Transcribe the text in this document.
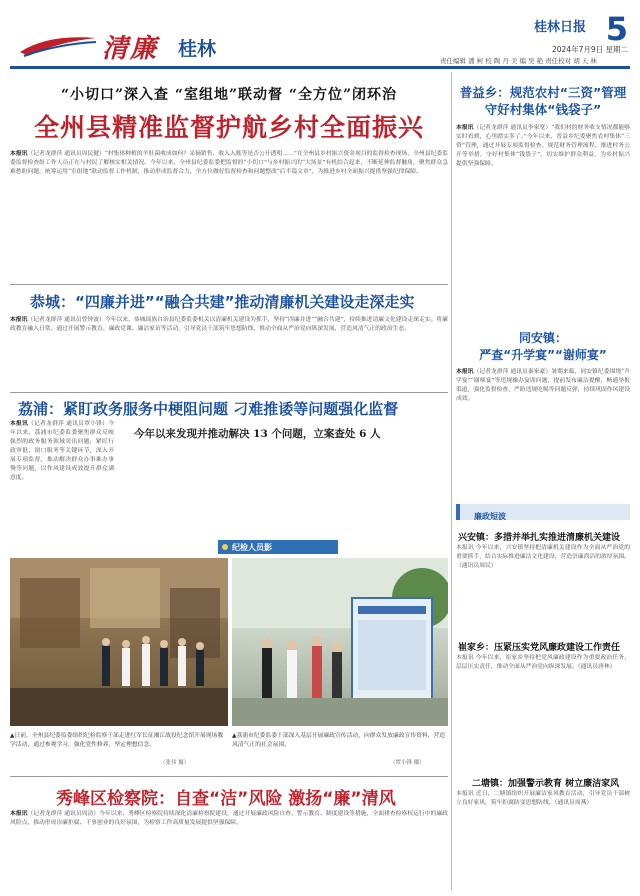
清廉 桂林
桂林日报 5
2024年7月9日 星期二
责任编辑 潘 柯 校 陶 丹 美 编 吴 艳 责任校对 胡 天 林
“小切口”深入查 “室组地”联动督 “全方位”闭环治
全州县精准监督护航乡村全面振兴
本报讯（记者龙群萍 通讯员周民健）“村集体种植的羊肚菌收成如何？采摘销售、收入入账等是否公开透明……”在全州县乡村振兴资金项目的监督检查现场，全州县纪委监委监督检查组工作人员正在与村民了解核实相关情况。今年以来，全州县纪委监委把监督的“小切口”与乡村振兴的“大场景”有机结合起来，不断延伸监督触角，聚焦群众急难愁盼问题，统筹运用“室组地”联动监督工作机制，推动形成监督合力，全方位做好监督检查和问题整改“后半篇文章”，为推进乡村全面振兴提供坚强纪律保障。
恭城：“四廉并进”“融合共建”推动清廉机关建设走深走实
本报讯（记者龙群萍 通讯员曾钟波）今年以来，恭城瑶族自治县纪委监委机关以清廉机关建设为抓手，坚持“四廉并进”“融合共建”，持续推进清廉文化建设走深走实。将廉政教育融入日常，通过开展警示教育、廉政党课、廉洁家访等活动，引导党员干部筑牢思想防线，推动全面从严治党向纵深发展，营造风清气正的政治生态。
荔浦：紧盯政务服务中梗阻问题 刁难推诿等问题强化监督
本报讯（记者龙群萍 通讯员覃小锋）今年以来，荔浦市纪委监委聚焦群众反映强烈的政务服务领域突出问题，紧盯行政审批、窗口服务等关键环节，深入开展专项监督，推动解决群众办事难办事慢等问题，以作风建设成效提升群众满意度。
今年以来发现并推动解决 13 个问题，立案查处 6 人
纪检人员影
▲日前，全州县纪委监委组织纪检监察干部走进红军长征湘江战役纪念馆开展现场教学活动，通过参观学习，强化党性修养，坚定理想信念。
（张伟 摄）
▲荔浦市纪委监委干部深入基层开展廉政宣传活动，向群众发放廉政宣传资料，营造风清气正的社会氛围。
（覃小锋 摄）
秀峰区检察院：自查“洁”风险 激扬“廉”清风
本报讯（记者龙群萍 通讯员周清）今年以来，秀峰区检察院持续深化清廉检察院建设，通过开展廉政风险自查、警示教育、制度建设等措施，全面排查检察权运行中的廉政风险点，推动形成崇廉拒腐、干事创业的良好氛围，为检察工作高质量发展提供坚强保障。
普益乡：规范农村“三资”管理
守好村集体“钱袋子”
本报讯（记者龙群萍 通讯员李家宽）“我们村的财务收支情况都能够实时看到，心里踏实多了。”今年以来，普益乡纪委聚焦农村集体“三资”管理，通过开展专项监督检查、规范财务管理流程、推进村务公开等举措，守好村集体“钱袋子”，切实维护群众利益，为乡村振兴提供坚强保障。
同安镇：
严查“升学宴”“谢师宴”
本报讯（记者龙群萍 通讯员秦家豪）暑期来临，同安镇纪委围绕“升学宴”“谢师宴”等违规操办宴席问题，提前发布廉洁提醒，畅通举报渠道，强化监督检查，严防违规吃喝等问题反弹，持续巩固作风建设成效。
廉政短波
兴安镇：多措并举扎实推进清廉机关建设
本报讯 今年以来，兴安镇坚持把清廉机关建设作为全面从严治党的重要抓手，结合实际推进廉洁文化建设，营造崇廉尚洁的浓厚氛围。（通讯员周民）
崔家乡：压紧压实党风廉政建设工作责任
本报讯 今年以来，崔家乡坚持把党风廉政建设作为重要政治任务，层层压实责任，推动全面从严治党向纵深发展。（通讯员唐林）
二塘镇：加强警示教育 树立廉洁家风
本报讯 近日，二塘镇组织开展廉洁家风教育活动，引导党员干部树立良好家风，筑牢拒腐防变思想防线。（通讯员周燕）
